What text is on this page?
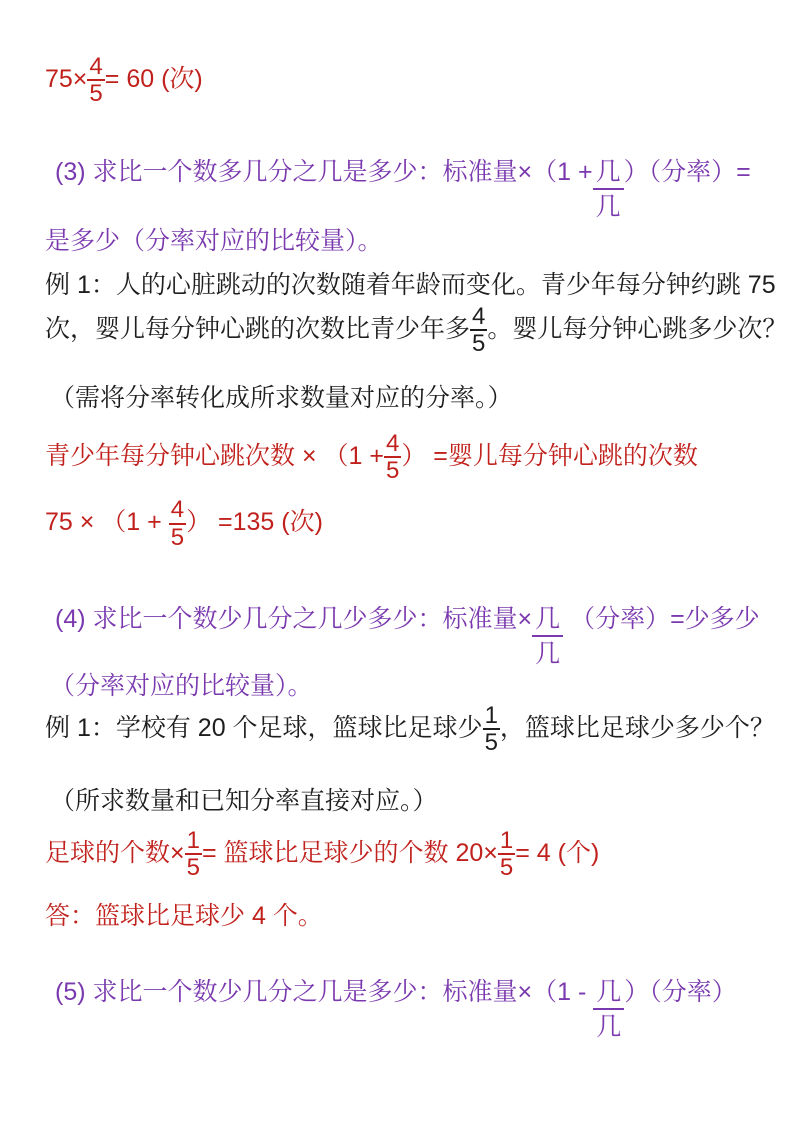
$75\times \frac{4}{5} = 60$ (次)
(3) 求比一个数多几分之几是多少：标准量$\times(1 +\frac{\text{几}}{\text{几}}$ ）（分率）=
是多少（分率对应的比较量）。
例 1：人的心脏跳动的次数随着年龄而变化。青少年每分钟约跳 75
次，婴儿每分钟心跳的次数比青少年多 $\frac{4}{5}$ 。婴儿每分钟心跳多少次？
（需将分率转化成所求数量对应的分率。）
青少年每分钟心跳次数 × （$1 + \frac{4}{5}$ ） =婴儿每分钟心跳的次数
$75 \times (1 + \frac{4}{5}$ ） =135 (次)
(4) 求比一个数少几分之几少多少：标准量$\times\frac{\text{几}}{\text{几}}$ （分率）=少多少
（分率对应的比较量）。
例 1：学校有 20 个足球，篮球比足球少 $\frac{1}{5}$ ，篮球比足球少多少个？
（所求数量和已知分率直接对应。）
足球的个数× $\frac{1}{5}$ = 篮球比足球少的个数 $20\times \frac{1}{5} = 4$ (个)
答：篮球比足球少 4 个。
(5) 求比一个数少几分之几是多少：标准量$\times(1 - \frac{\text{几}}{\text{几}}$ ）（分率）
